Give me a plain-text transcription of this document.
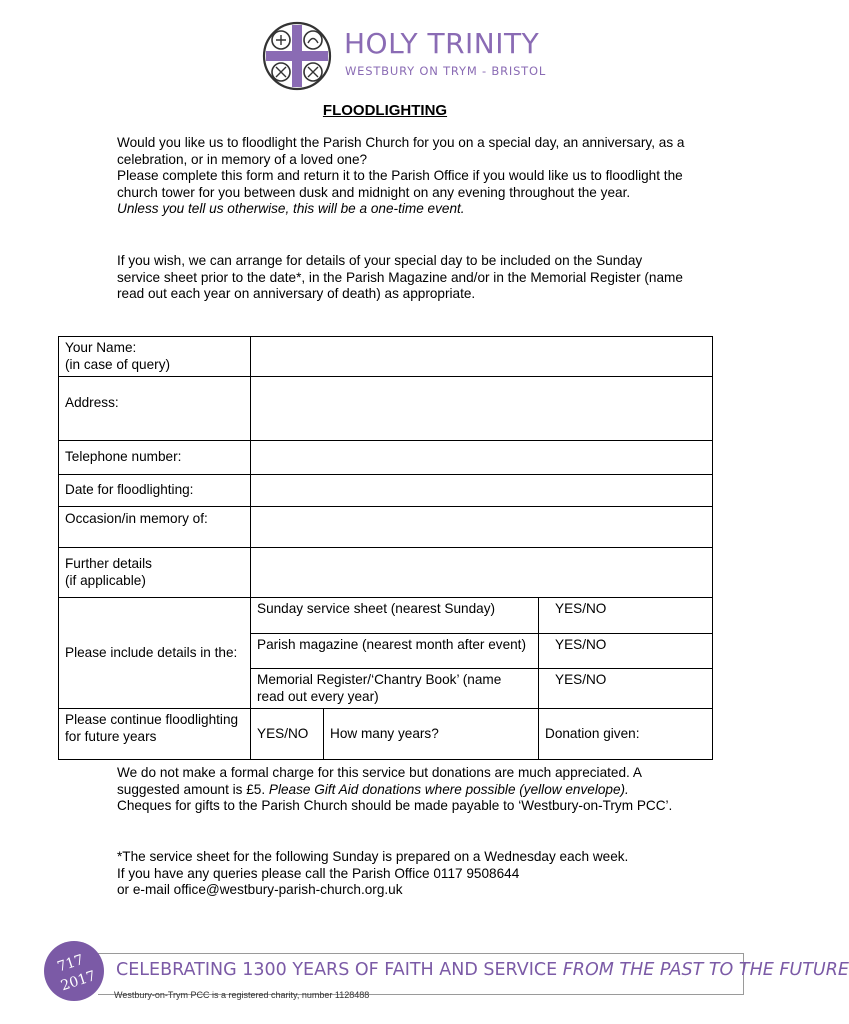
HOLY TRINITY
WESTBURY ON TRYM - BRISTOL
FLOODLIGHTING
Would you like us to floodlight the Parish Church for you on a special day, an anniversary, as a celebration, or in memory of a loved one?
Please complete this form and return it to the Parish Office if you would like us to floodlight the church tower for you between dusk and midnight on any evening throughout the year.
Unless you tell us otherwise, this will be a one-time event.
If you wish, we can arrange for details of your special day to be included on the Sunday service sheet prior to the date*, in the Parish Magazine and/or in the Memorial Register (name read out each year on anniversary of death) as appropriate.
Your Name:
(in case of query)			

Address:			

Telephone number:			
Date for floodlighting:			

Occasion/in memory of:			

Further details
(if applicable)			

Please include details in the:	Sunday service sheet (nearest Sunday)		YES/NO
	Parish magazine (nearest month after event)		YES/NO
	Memorial Register/‘Chantry Book’ (name read out every year)		YES/NO
Please continue floodlighting for future years	YES/NO	How many years?	Donation given:
We do not make a formal charge for this service but donations are much appreciated. A suggested amount is £5. Please Gift Aid donations where possible (yellow envelope). Cheques for gifts to the Parish Church should be made payable to ‘Westbury-on-Trym PCC’.
*The service sheet for the following Sunday is prepared on a Wednesday each week.
If you have any queries please call the Parish Office 0117 9508644
or e-mail office@westbury-parish-church.org.uk
717
2017 CELEBRATING 1300 YEARS OF FAITH AND SERVICE FROM THE PAST TO THE FUTURE
Westbury-on-Trym PCC is a registered charity, number 1128488
